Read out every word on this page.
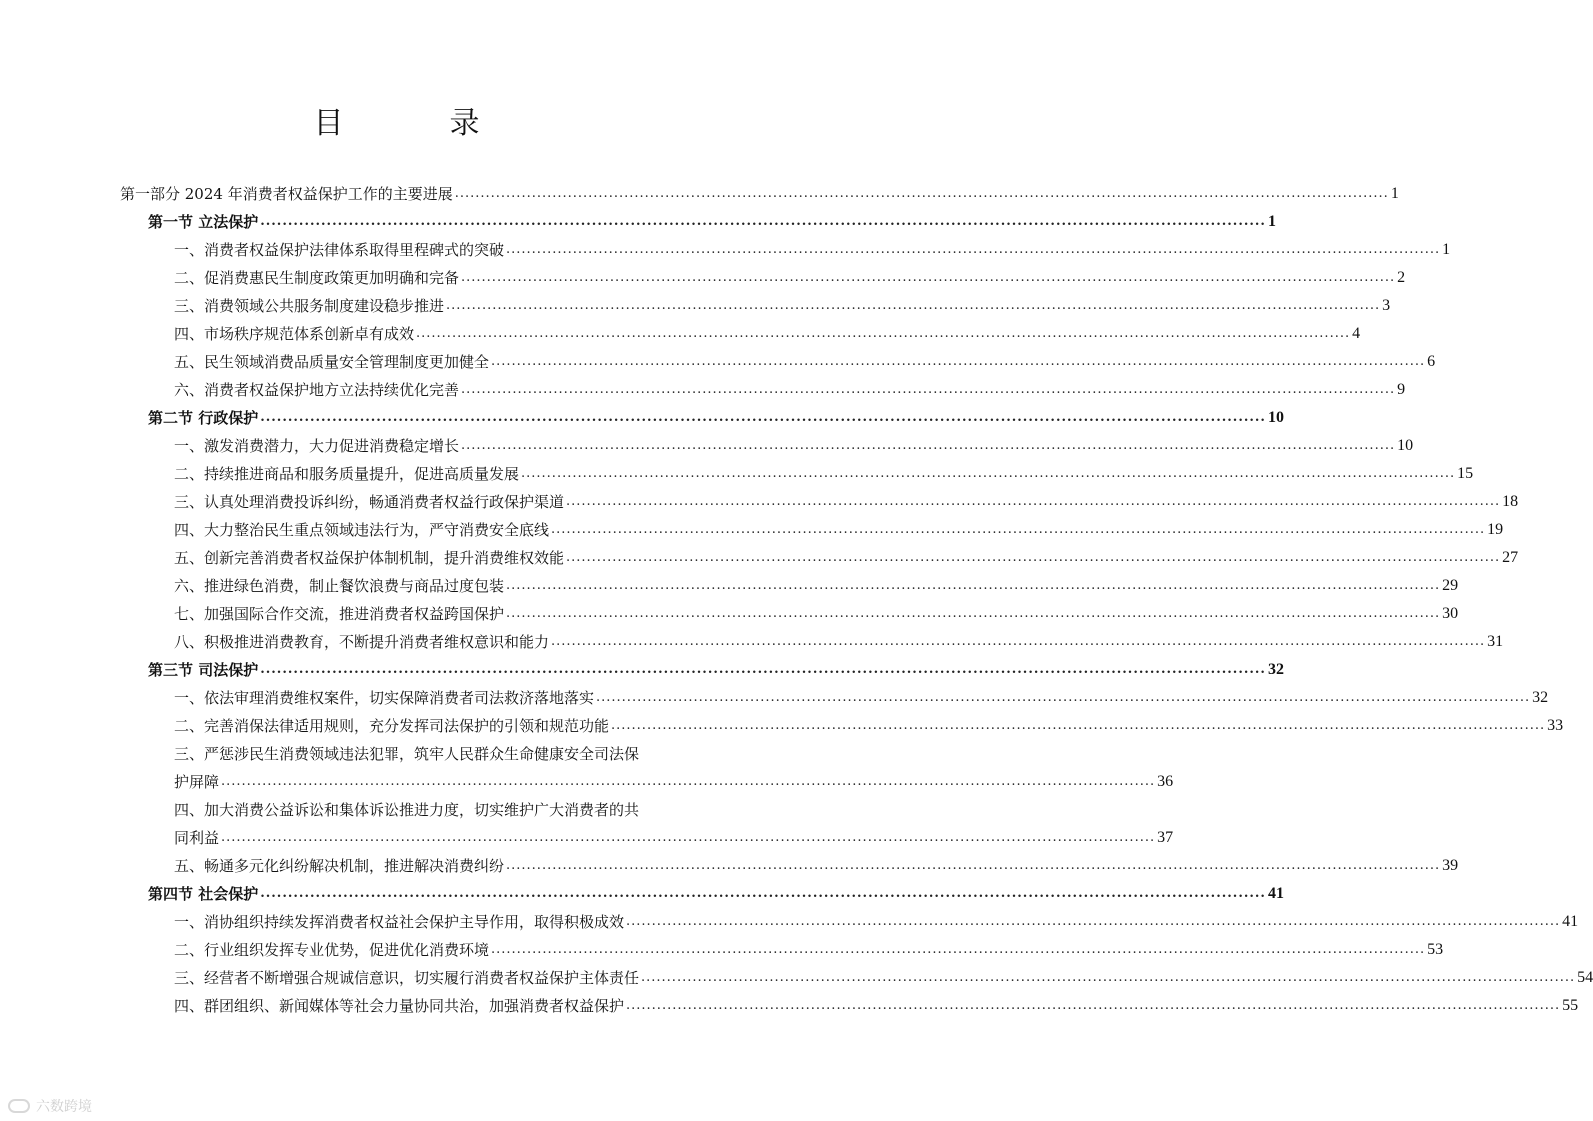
目　录
第一部分 2024 年消费者权益保护工作的主要进展 ...................................................................................................................................................................................... 1
第一节 立法保护 ...................................................................................................................................................................................... 1
一、消费者权益保护法律体系取得里程碑式的突破 ...................................................................................................................................................................................... 1
二、促消费惠民生制度政策更加明确和完备 ...................................................................................................................................................................................... 2
三、消费领域公共服务制度建设稳步推进 ...................................................................................................................................................................................... 3
四、市场秩序规范体系创新卓有成效 ...................................................................................................................................................................................... 4
五、民生领域消费品质量安全管理制度更加健全 ...................................................................................................................................................................................... 6
六、消费者权益保护地方立法持续优化完善 ...................................................................................................................................................................................... 9
第二节 行政保护 ...................................................................................................................................................................................... 10
一、激发消费潜力，大力促进消费稳定增长 ...................................................................................................................................................................................... 10
二、持续推进商品和服务质量提升，促进高质量发展 ...................................................................................................................................................................................... 15
三、认真处理消费投诉纠纷，畅通消费者权益行政保护渠道 ...................................................................................................................................................................................... 18
四、大力整治民生重点领域违法行为，严守消费安全底线 ...................................................................................................................................................................................... 19
五、创新完善消费者权益保护体制机制，提升消费维权效能 ...................................................................................................................................................................................... 27
六、推进绿色消费，制止餐饮浪费与商品过度包装 ...................................................................................................................................................................................... 29
七、加强国际合作交流，推进消费者权益跨国保护 ...................................................................................................................................................................................... 30
八、积极推进消费教育，不断提升消费者维权意识和能力 ...................................................................................................................................................................................... 31
第三节 司法保护 ...................................................................................................................................................................................... 32
一、依法审理消费维权案件，切实保障消费者司法救济落地落实 ...................................................................................................................................................................................... 32
二、完善消保法律适用规则，充分发挥司法保护的引领和规范功能 ...................................................................................................................................................................................... 33
三、严惩涉民生消费领域违法犯罪，筑牢人民群众生命健康安全司法保
护屏障 ...................................................................................................................................................................................... 36
四、加大消费公益诉讼和集体诉讼推进力度，切实维护广大消费者的共
同利益 ...................................................................................................................................................................................... 37
五、畅通多元化纠纷解决机制，推进解决消费纠纷 ...................................................................................................................................................................................... 39
第四节 社会保护 ...................................................................................................................................................................................... 41
一、消协组织持续发挥消费者权益社会保护主导作用，取得积极成效 ...................................................................................................................................................................................... 41
二、行业组织发挥专业优势，促进优化消费环境 ...................................................................................................................................................................................... 53
三、经营者不断增强合规诚信意识，切实履行消费者权益保护主体责任 ...................................................................................................................................................................................... 54
四、群团组织、新闻媒体等社会力量协同共治，加强消费者权益保护 ...................................................................................................................................................................................... 55
六数跨境
